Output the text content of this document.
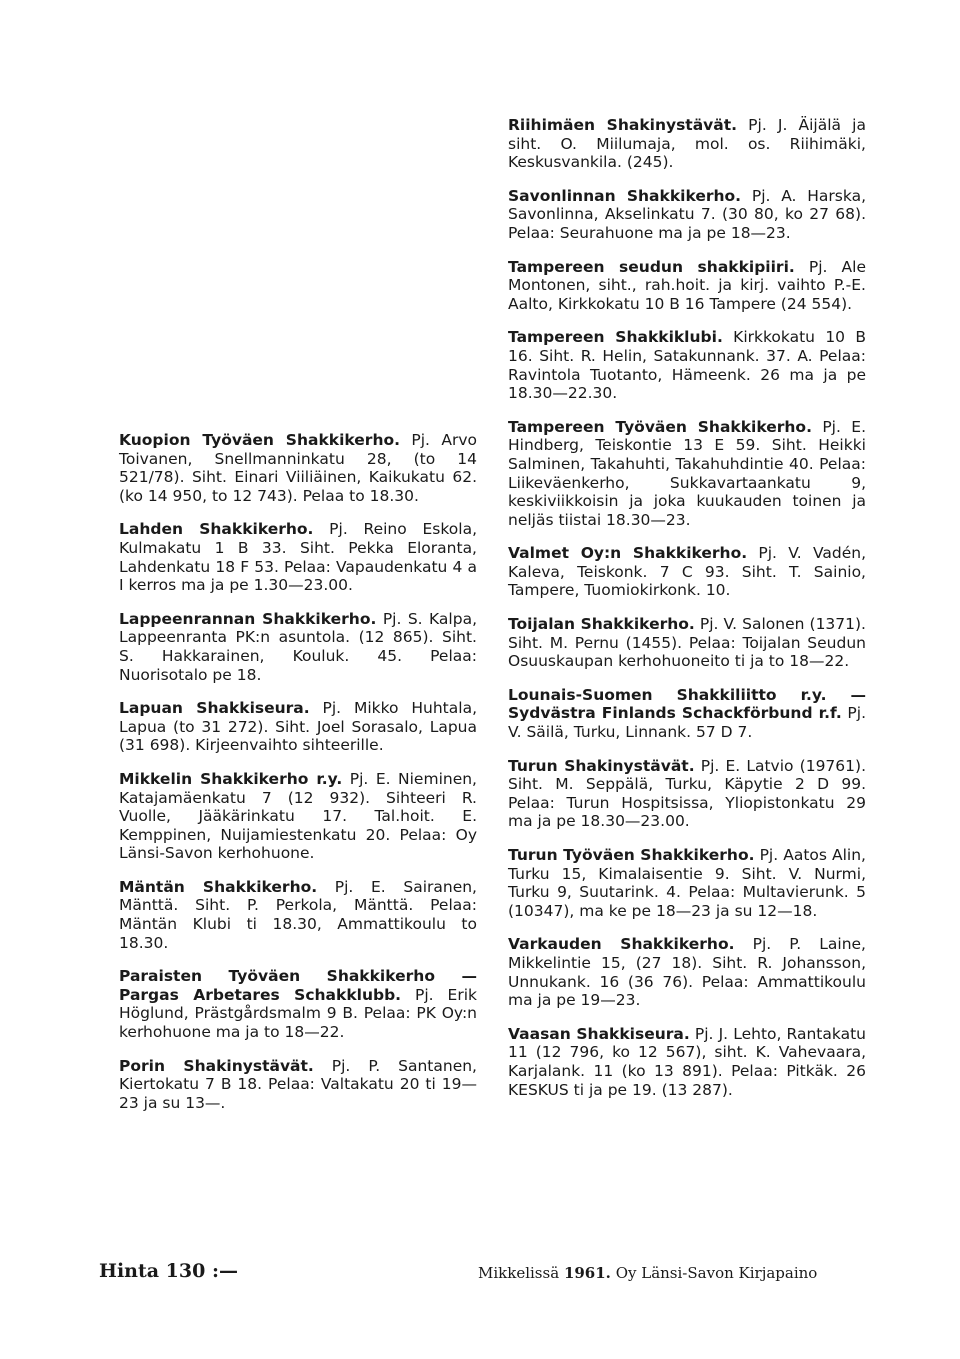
Kuopion Työväen Shakkikerho. Pj. Arvo Toivanen, Snellmanninkatu 28, (to 14 521/78). Siht. Einari Viiliäinen, Kaikukatu 62. (ko 14 950, to 12 743). Pelaa to 18.30.

Lahden Shakkikerho. Pj. Reino Eskola, Kulmakatu 1 B 33. Siht. Pekka Eloranta, Lahdenkatu 18 F 53. Pelaa: Vapaudenkatu 4 a I kerros ma ja pe 1.30—23.00.

Lappeenrannan Shakkikerho. Pj. S. Kalpa, Lappeenranta PK:n asuntola. (12 865). Siht. S. Hakkarainen, Kouluk. 45. Pelaa: Nuorisotalo pe 18.

Lapuan Shakkiseura. Pj. Mikko Huhtala, Lapua (to 31 272). Siht. Joel Sorasalo, Lapua (31 698). Kirjeenvaihto sihteerille.

Mikkelin Shakkikerho r.y. Pj. E. Nieminen, Katajamäenkatu 7 (12 932). Sihteeri R. Vuolle, Jääkärinkatu 17. Tal.hoit. E. Kemppinen, Nuijamiestenkatu 20. Pelaa: Oy Länsi-Savon kerhohuone.

Mäntän Shakkikerho. Pj. E. Sairanen, Mänttä. Siht. P. Perkola, Mänttä. Pelaa: Mäntän Klubi ti 18.30, Ammattikoulu to 18.30.

Paraisten Työväen Shakkikerho — Pargas Arbetares Schakklubb. Pj. Erik Höglund, Prästgårdsmalm 9 B. Pelaa: PK Oy:n kerhohuone ma ja to 18—22.

Porin Shakinystävät. Pj. P. Santanen, Kiertokatu 7 B 18. Pelaa: Valtakatu 20 ti 19—23 ja su 13—.

Riihimäen Shakinystävät. Pj. J. Äijälä ja siht. O. Miilumaja, mol. os. Riihimäki, Keskusvankila. (245).

Savonlinnan Shakkikerho. Pj. A. Harska, Savonlinna, Akselinkatu 7. (30 80, ko 27 68). Pelaa: Seurahuone ma ja pe 18—23.

Tampereen seudun shakkipiiri. Pj. Ale Montonen, siht., rah.hoit. ja kirj. vaihto P.-E. Aalto, Kirkkokatu 10 B 16 Tampere (24 554).

Tampereen Shakkiklubi. Kirkkokatu 10 B 16. Siht. R. Helin, Satakunnank. 37. A. Pelaa: Ravintola Tuotanto, Hämeenk. 26 ma ja pe 18.30—22.30.

Tampereen Työväen Shakkikerho. Pj. E. Hindberg, Teiskontie 13 E 59. Siht. Heikki Salminen, Takahuhti, Takahuhdintie 40. Pelaa: Liikeväenkerho, Sukkavartaankatu 9, keskiviikkoisin ja joka kuukauden toinen ja neljäs tiistai 18.30—23.

Valmet Oy:n Shakkikerho. Pj. V. Vadén, Kaleva, Teiskonk. 7 C 93. Siht. T. Sainio, Tampere, Tuomiokirkonk. 10.

Toijalan Shakkikerho. Pj. V. Salonen (1371). Siht. M. Pernu (1455). Pelaa: Toijalan Seudun Osuuskaupan kerhohuoneito ti ja to 18—22.

Lounais-Suomen Shakkiliitto r.y. — Sydvästra Finlands Schackförbund r.f. Pj. V. Säilä, Turku, Linnank. 57 D 7.

Turun Shakinystävät. Pj. E. Latvio (19761). Siht. M. Seppälä, Turku, Käpytie 2 D 99. Pelaa: Turun Hospitsissa, Yliopistonkatu 29 ma ja pe 18.30—23.00.

Turun Työväen Shakkikerho. Pj. Aatos Alin, Turku 15, Kimalaisentie 9. Siht. V. Nurmi, Turku 9, Suutarink. 4. Pelaa: Multavierunk. 5 (10347), ma ke pe 18—23 ja su 12—18.

Varkauden Shakkikerho. Pj. P. Laine, Mikkelintie 15, (27 18). Siht. R. Johansson, Unnukank. 16 (36 76). Pelaa: Ammattikoulu ma ja pe 19—23.

Vaasan Shakkiseura. Pj. J. Lehto, Rantakatu 11 (12 796, ko 12 567), siht. K. Vahevaara, Karjalank. 11 (ko 13 891). Pelaa: Pitkäk. 26 KESKUS ti ja pe 19. (13 287).

Hinta 130 :—	Mikkelissä 1961. Oy Länsi-Savon Kirjapaino
